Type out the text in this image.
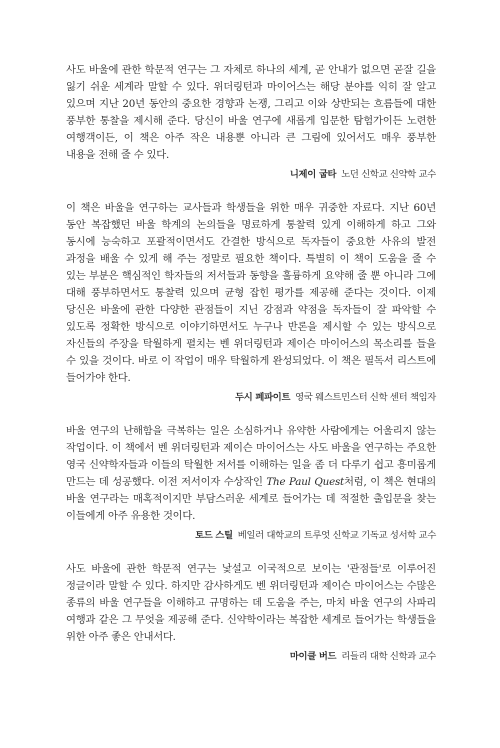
사도 바울에 관한 학문적 연구는 그 자체로 하나의 세계, 곧 안내가 없으면 곧잘 길을 잃기 쉬운 세계라 말할 수 있다. 위더링턴과 마이어스는 해당 분야를 익히 잘 알고 있으며 지난 20년 동안의 중요한 경향과 논쟁, 그리고 이와 상반되는 흐름들에 대한 풍부한 통찰을 제시해 준다. 당신이 바울 연구에 새롭게 입문한 탐험가이든 노련한 여행객이든, 이 책은 아주 작은 내용뿐 아니라 큰 그림에 있어서도 매우 풍부한 내용을 전해 줄 수 있다.

니제이 굽타 노던 신학교 신약학 교수

이 책은 바울을 연구하는 교사들과 학생들을 위한 매우 귀중한 자료다. 지난 60년 동안 복잡했던 바울 학계의 논의들을 명료하게 통찰력 있게 이해하게 하고 그와 동시에 능숙하고 포괄적이면서도 간결한 방식으로 독자들이 중요한 사유의 발전 과정을 배울 수 있게 해 주는 정말로 필요한 책이다. 특별히 이 책이 도움을 줄 수 있는 부분은 핵심적인 학자들의 저서들과 동향을 훌륭하게 요약해 줄 뿐 아니라 그에 대해 풍부하면서도 통찰력 있으며 균형 잡힌 평가를 제공해 준다는 것이다. 이제 당신은 바울에 관한 다양한 관점들이 지닌 강점과 약점을 독자들이 잘 파악할 수 있도록 정확한 방식으로 이야기하면서도 누구나 반론을 제시할 수 있는 방식으로 자신들의 주장을 탁월하게 펼치는 벤 위더링턴과 제이슨 마이어스의 목소리를 들을 수 있을 것이다. 바로 이 작업이 매우 탁월하게 완성되었다. 이 책은 필독서 리스트에 들어가야 한다.

두시 페파이트 영국 웨스트민스터 신학 센터 책임자

바울 연구의 난해함을 극복하는 일은 소심하거나 유약한 사람에게는 어울리지 않는 작업이다. 이 책에서 벤 위더링턴과 제이슨 마이어스는 사도 바울을 연구하는 주요한 영국 신약학자들과 이들의 탁월한 저서를 이해하는 일을 좀 더 다루기 쉽고 흥미롭게 만드는 데 성공했다. 이전 저서이자 수상작인 The Paul Quest처럼, 이 책은 현대의 바울 연구라는 매혹적이지만 부담스러운 세계로 들어가는 데 적절한 출입문을 찾는 이들에게 아주 유용한 것이다.

토드 스틸 베일러 대학교의 트루엇 신학교 기독교 성서학 교수

사도 바울에 관한 학문적 연구는 낯설고 이국적으로 보이는 '관점들'로 이루어진 정글이라 말할 수 있다. 하지만 감사하게도 벤 위더링턴과 제이슨 마이어스는 수많은 종류의 바울 연구들을 이해하고 규명하는 데 도움을 주는, 마치 바울 연구의 사파리 여행과 같은 그 무엇을 제공해 준다. 신약학이라는 복잡한 세계로 들어가는 학생들을 위한 아주 좋은 안내서다.

마이클 버드 리들리 대학 신학과 교수
